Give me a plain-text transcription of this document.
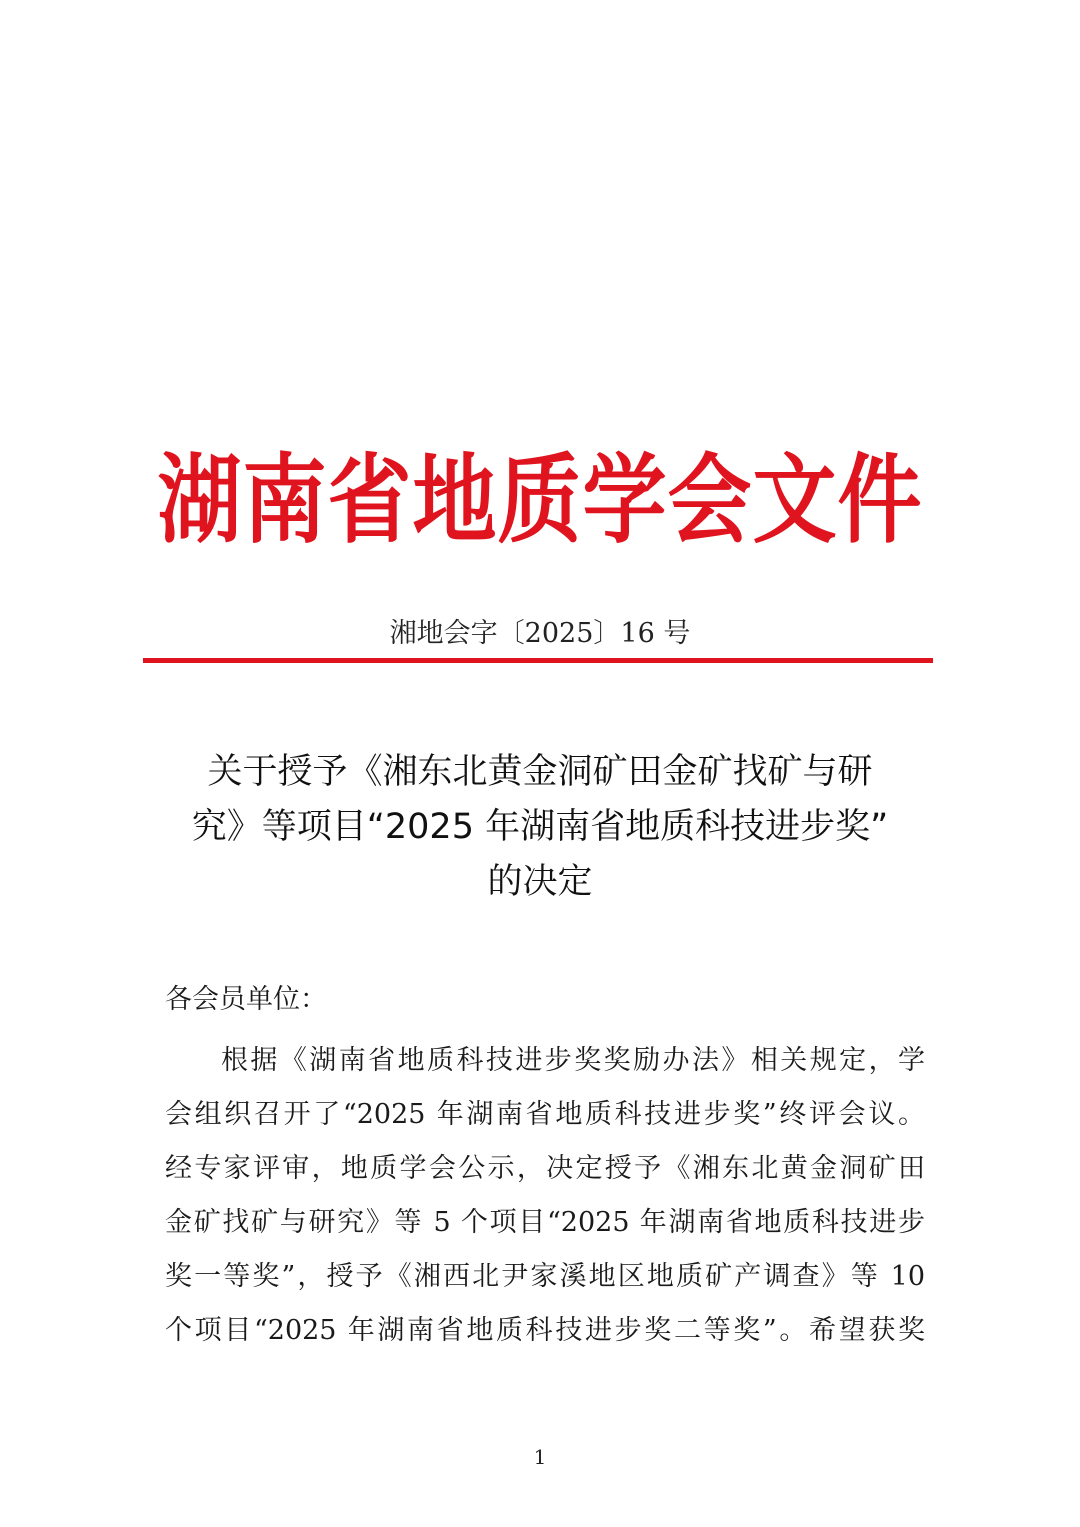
湖南省地质学会文件
湘地会字〔2025〕16 号
关于授予《湘东北黄金洞矿田金矿找矿与研
究》等项目“2025 年湖南省地质科技进步奖”
的决定
各会员单位：
根据《湖南省地质科技进步奖奖励办法》相关规定，学
会组织召开了“2025 年湖南省地质科技进步奖”终评会议。
经专家评审，地质学会公示，决定授予《湘东北黄金洞矿田
金矿找矿与研究》等 5 个项目“2025 年湖南省地质科技进步
奖一等奖”，授予《湘西北尹家溪地区地质矿产调查》等 10
个项目“2025 年湖南省地质科技进步奖二等奖”。希望获奖
1
